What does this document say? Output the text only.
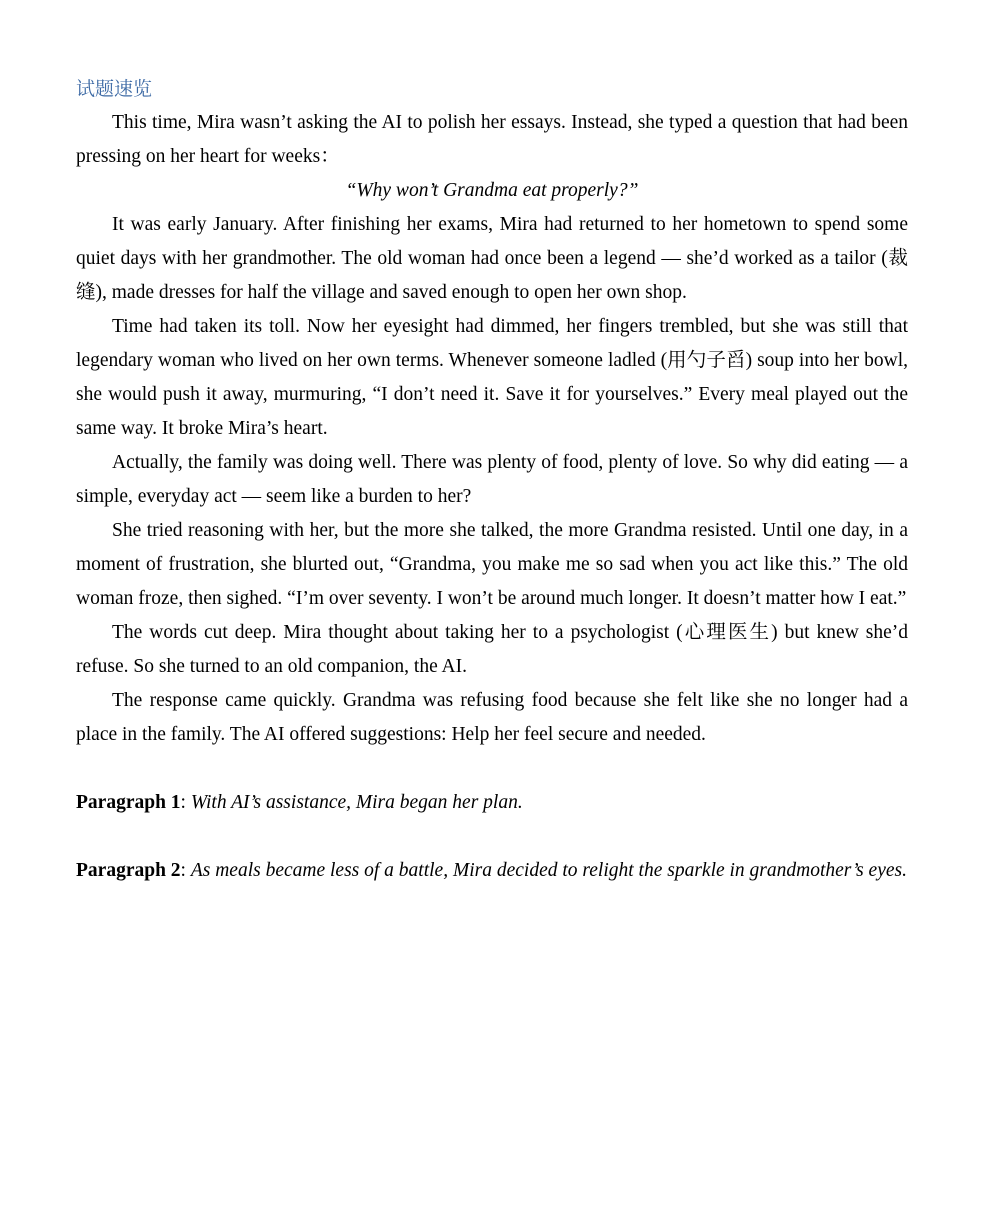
试题速览

This time, Mira wasn’t asking the AI to polish her essays. Instead, she typed a question that had been pressing on her heart for weeks：

“Why won’t Grandma eat properly?”

It was early January. After finishing her exams, Mira had returned to her hometown to spend some quiet days with her grandmother. The old woman had once been a legend — she’d worked as a tailor (裁缝), made dresses for half the village and saved enough to open her own shop.

Time had taken its toll. Now her eyesight had dimmed, her fingers trembled, but she was still that legendary woman who lived on her own terms. Whenever someone ladled (用勺子舀) soup into her bowl, she would push it away, murmuring, “I don’t need it. Save it for yourselves.” Every meal played out the same way. It broke Mira’s heart.

Actually, the family was doing well. There was plenty of food, plenty of love. So why did eating — a simple, everyday act — seem like a burden to her?

She tried reasoning with her, but the more she talked, the more Grandma resisted. Until one day, in a moment of frustration, she blurted out, “Grandma, you make me so sad when you act like this.” The old woman froze, then sighed. “I’m over seventy. I won’t be around much longer. It doesn’t matter how I eat.”

The words cut deep. Mira thought about taking her to a psychologist (心理医生) but knew she’d refuse. So she turned to an old companion, the AI.

The response came quickly. Grandma was refusing food because she felt like she no longer had a place in the family. The AI offered suggestions: Help her feel secure and needed.

Paragraph 1: With AI’s assistance, Mira began her plan.

Paragraph 2: As meals became less of a battle, Mira decided to relight the sparkle in grandmother’s eyes.
